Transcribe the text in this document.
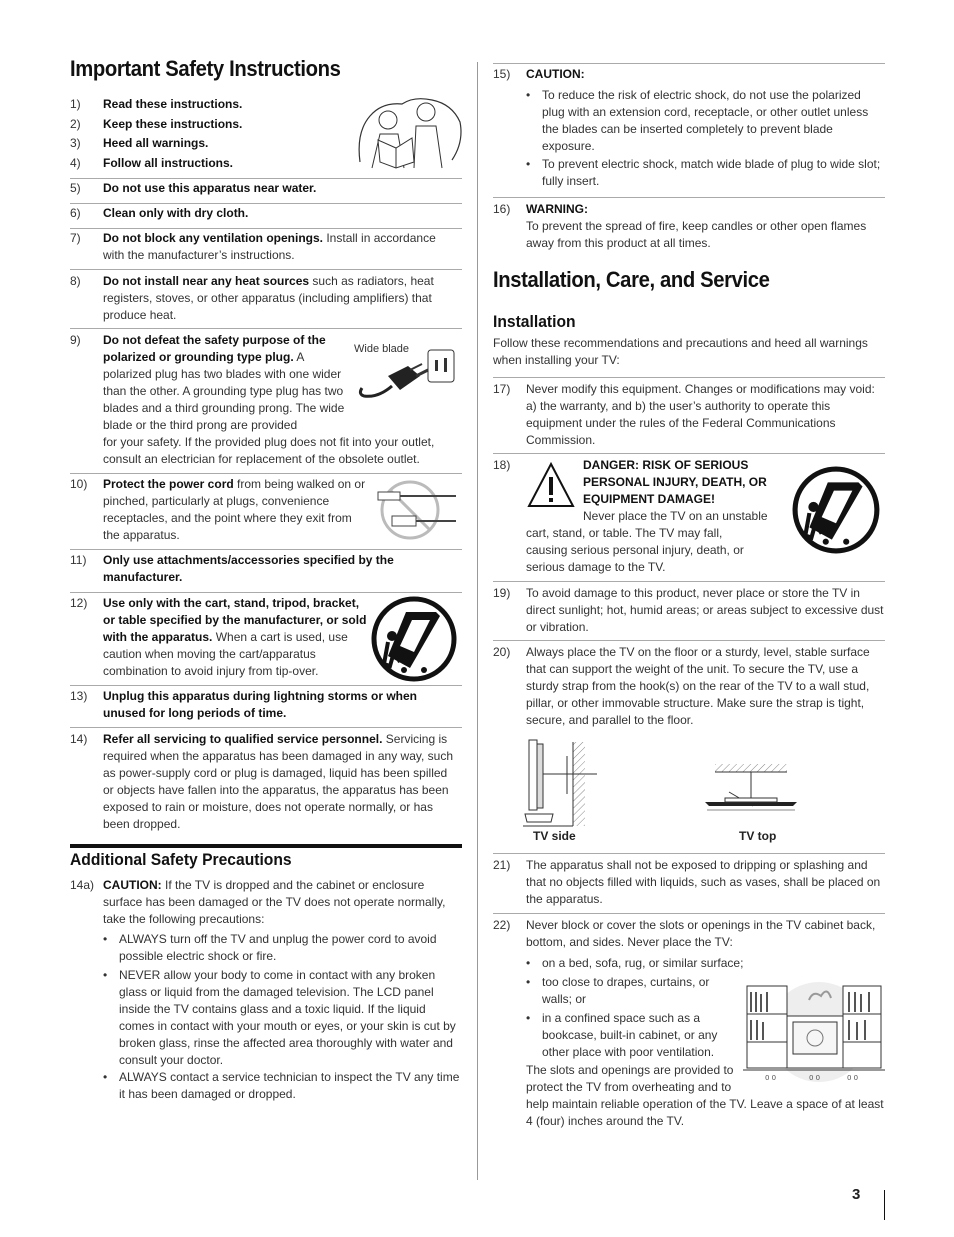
Important Safety Instructions
1)	Read these instructions.
2)	Keep these instructions.
3)	Heed all warnings.
4)	Follow all instructions.
5)	Do not use this apparatus near water.
6)	Clean only with dry cloth.
7)	Do not block any ventilation openings. Install in accordance with the manufacturer’s instructions.
8)	Do not install near any heat sources such as radiators, heat registers, stoves, or other apparatus (including amplifiers) that produce heat.
9)	Do not defeat the safety purpose of the polarized or grounding type plug. A polarized plug has two blades with one wider than the other. A grounding type plug has two blades and a third grounding prong. The wide blade or the third prong are provided
for your safety. If the provided plug does not fit into your outlet, consult an electrician for replacement of the obsolete outlet.
Wide blade
10)	Protect the power cord from being walked on or pinched, particularly at plugs, convenience receptacles, and the point where they exit from the apparatus.
11)	Only use attachments/accessories specified by the manufacturer.
12)	Use only with the cart, stand, tripod, bracket, or table specified by the manufacturer, or sold with the apparatus. When a cart is used, use caution when moving the cart/apparatus combination to avoid injury from tip-over.
13)	Unplug this apparatus during lightning storms or when unused for long periods of time.
14)	Refer all servicing to qualified service personnel. Servicing is required when the apparatus has been damaged in any way, such as power-supply cord or plug is damaged, liquid has been spilled or objects have fallen into the apparatus, the apparatus has been exposed to rain or moisture, does not operate normally, or has been dropped.
Additional Safety Precautions
14a) CAUTION: If the TV is dropped and the cabinet or enclosure surface has been damaged or the TV does not operate normally, take the following precautions:
• ALWAYS turn off the TV and unplug the power cord to avoid possible electric shock or fire.
• NEVER allow your body to come in contact with any broken glass or liquid from the damaged television. The LCD panel inside the TV contains glass and a toxic liquid. If the liquid comes in contact with your mouth or eyes, or your skin is cut by broken glass, rinse the affected area thoroughly with water and consult your doctor.
• ALWAYS contact a service technician to inspect the TV any time it has been damaged or dropped.
15)	CAUTION:
• To reduce the risk of electric shock, do not use the polarized plug with an extension cord, receptacle, or other outlet unless the blades can be inserted completely to prevent blade exposure.
• To prevent electric shock, match wide blade of plug to wide slot; fully insert.
16)	WARNING:
To prevent the spread of fire, keep candles or other open flames away from this product at all times.
Installation, Care, and Service
Installation
Follow these recommendations and precautions and heed all warnings when installing your TV:
17)	Never modify this equipment. Changes or modifications may void: a) the warranty, and b) the user’s authority to operate this equipment under the rules of the Federal Communications Commission.
18)	DANGER: RISK OF SERIOUS PERSONAL INJURY, DEATH, OR EQUIPMENT DAMAGE!
Never place the TV on an unstable
cart, stand, or table. The TV may fall, causing serious personal injury, death, or serious damage to the TV.
19)	To avoid damage to this product, never place or store the TV in direct sunlight; hot, humid areas; or areas subject to excessive dust or vibration.
20)	Always place the TV on the floor or a sturdy, level, stable surface that can support the weight of the unit. To secure the TV, use a sturdy strap from the hook(s) on the rear of the TV to a wall stud, pillar, or other immovable structure. Make sure the strap is tight, secure, and parallel to the floor.
TV side	TV top
21)	The apparatus shall not be exposed to dripping or splashing and that no objects filled with liquids, such as vases, shall be placed on the apparatus.
22)	Never block or cover the slots or openings in the TV cabinet back, bottom, and sides. Never place the TV:
• on a bed, sofa, rug, or similar surface;
• too close to drapes, curtains, or walls; or
• in a confined space such as a bookcase, built-in cabinet, or any other place with poor ventilation.
The slots and openings are provided to protect the TV from overheating and to
help maintain reliable operation of the TV. Leave a space of at least 4 (four) inches around the TV.
0 0	0 0	0 0
3
